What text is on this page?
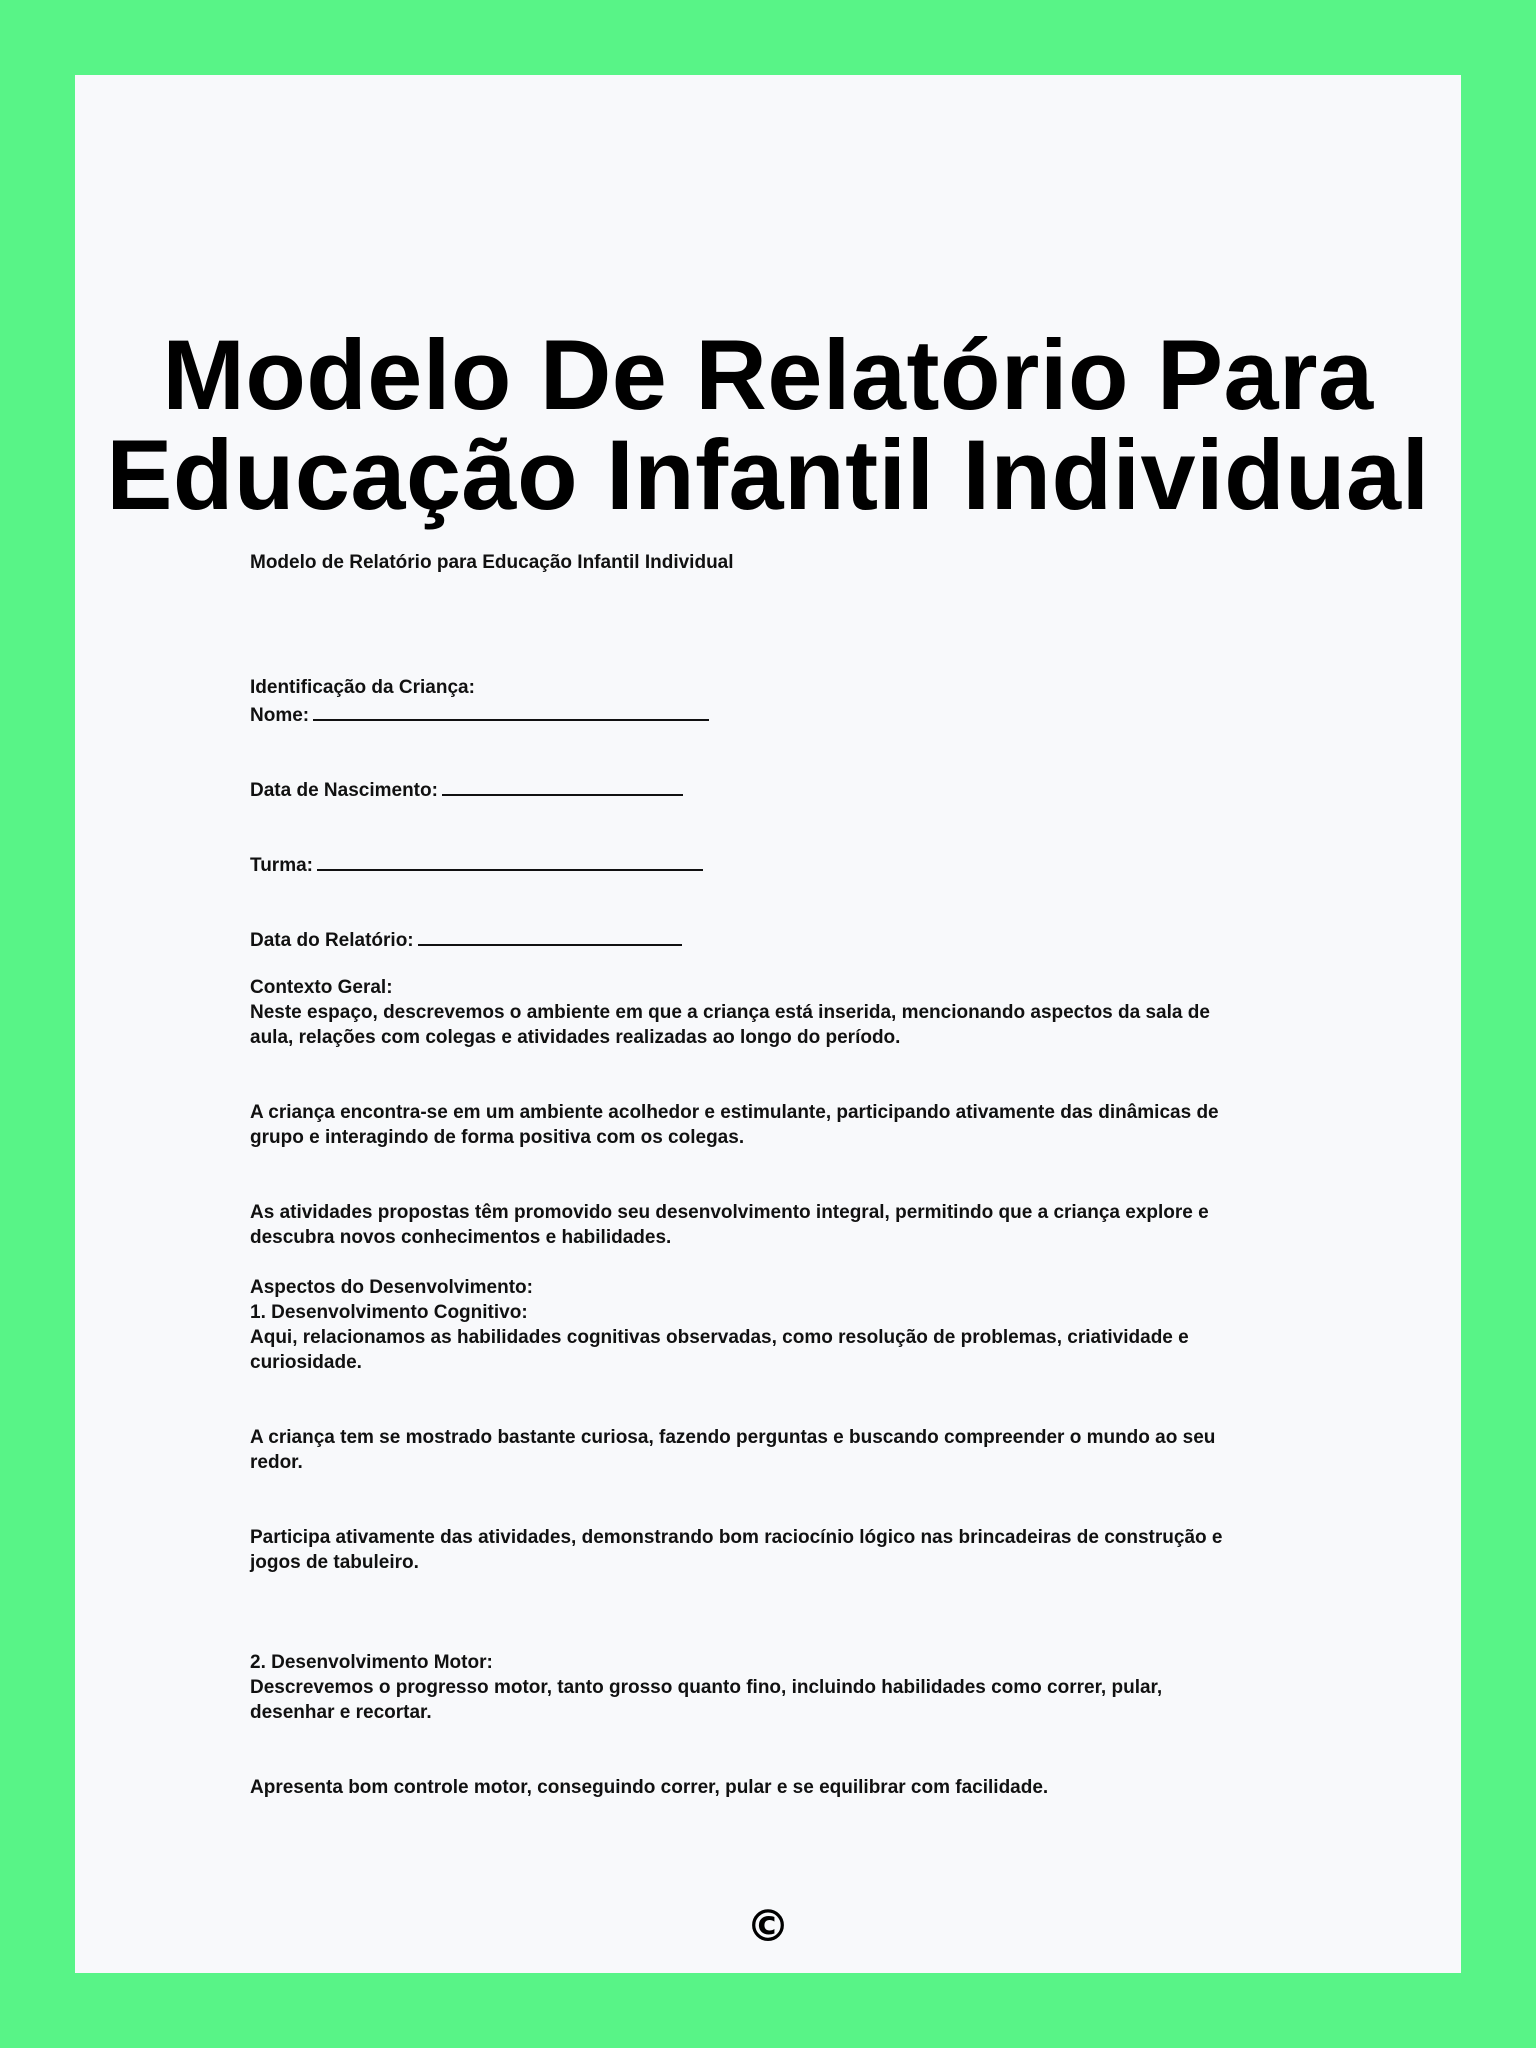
Modelo De Relatório Para
Educação Infantil Individual
Modelo de Relatório para Educação Infantil Individual
Identificação da Criança:
Nome:
Data de Nascimento:
Turma:
Data do Relatório:
Contexto Geral:
Neste espaço, descrevemos o ambiente em que a criança está inserida, mencionando aspectos da sala de
aula, relações com colegas e atividades realizadas ao longo do período.
A criança encontra-se em um ambiente acolhedor e estimulante, participando ativamente das dinâmicas de
grupo e interagindo de forma positiva com os colegas.
As atividades propostas têm promovido seu desenvolvimento integral, permitindo que a criança explore e
descubra novos conhecimentos e habilidades.
Aspectos do Desenvolvimento:
1. Desenvolvimento Cognitivo:
Aqui, relacionamos as habilidades cognitivas observadas, como resolução de problemas, criatividade e
curiosidade.
A criança tem se mostrado bastante curiosa, fazendo perguntas e buscando compreender o mundo ao seu
redor.
Participa ativamente das atividades, demonstrando bom raciocínio lógico nas brincadeiras de construção e
jogos de tabuleiro.
2. Desenvolvimento Motor:
Descrevemos o progresso motor, tanto grosso quanto fino, incluindo habilidades como correr, pular,
desenhar e recortar.
Apresenta bom controle motor, conseguindo correr, pular e se equilibrar com facilidade.
©
